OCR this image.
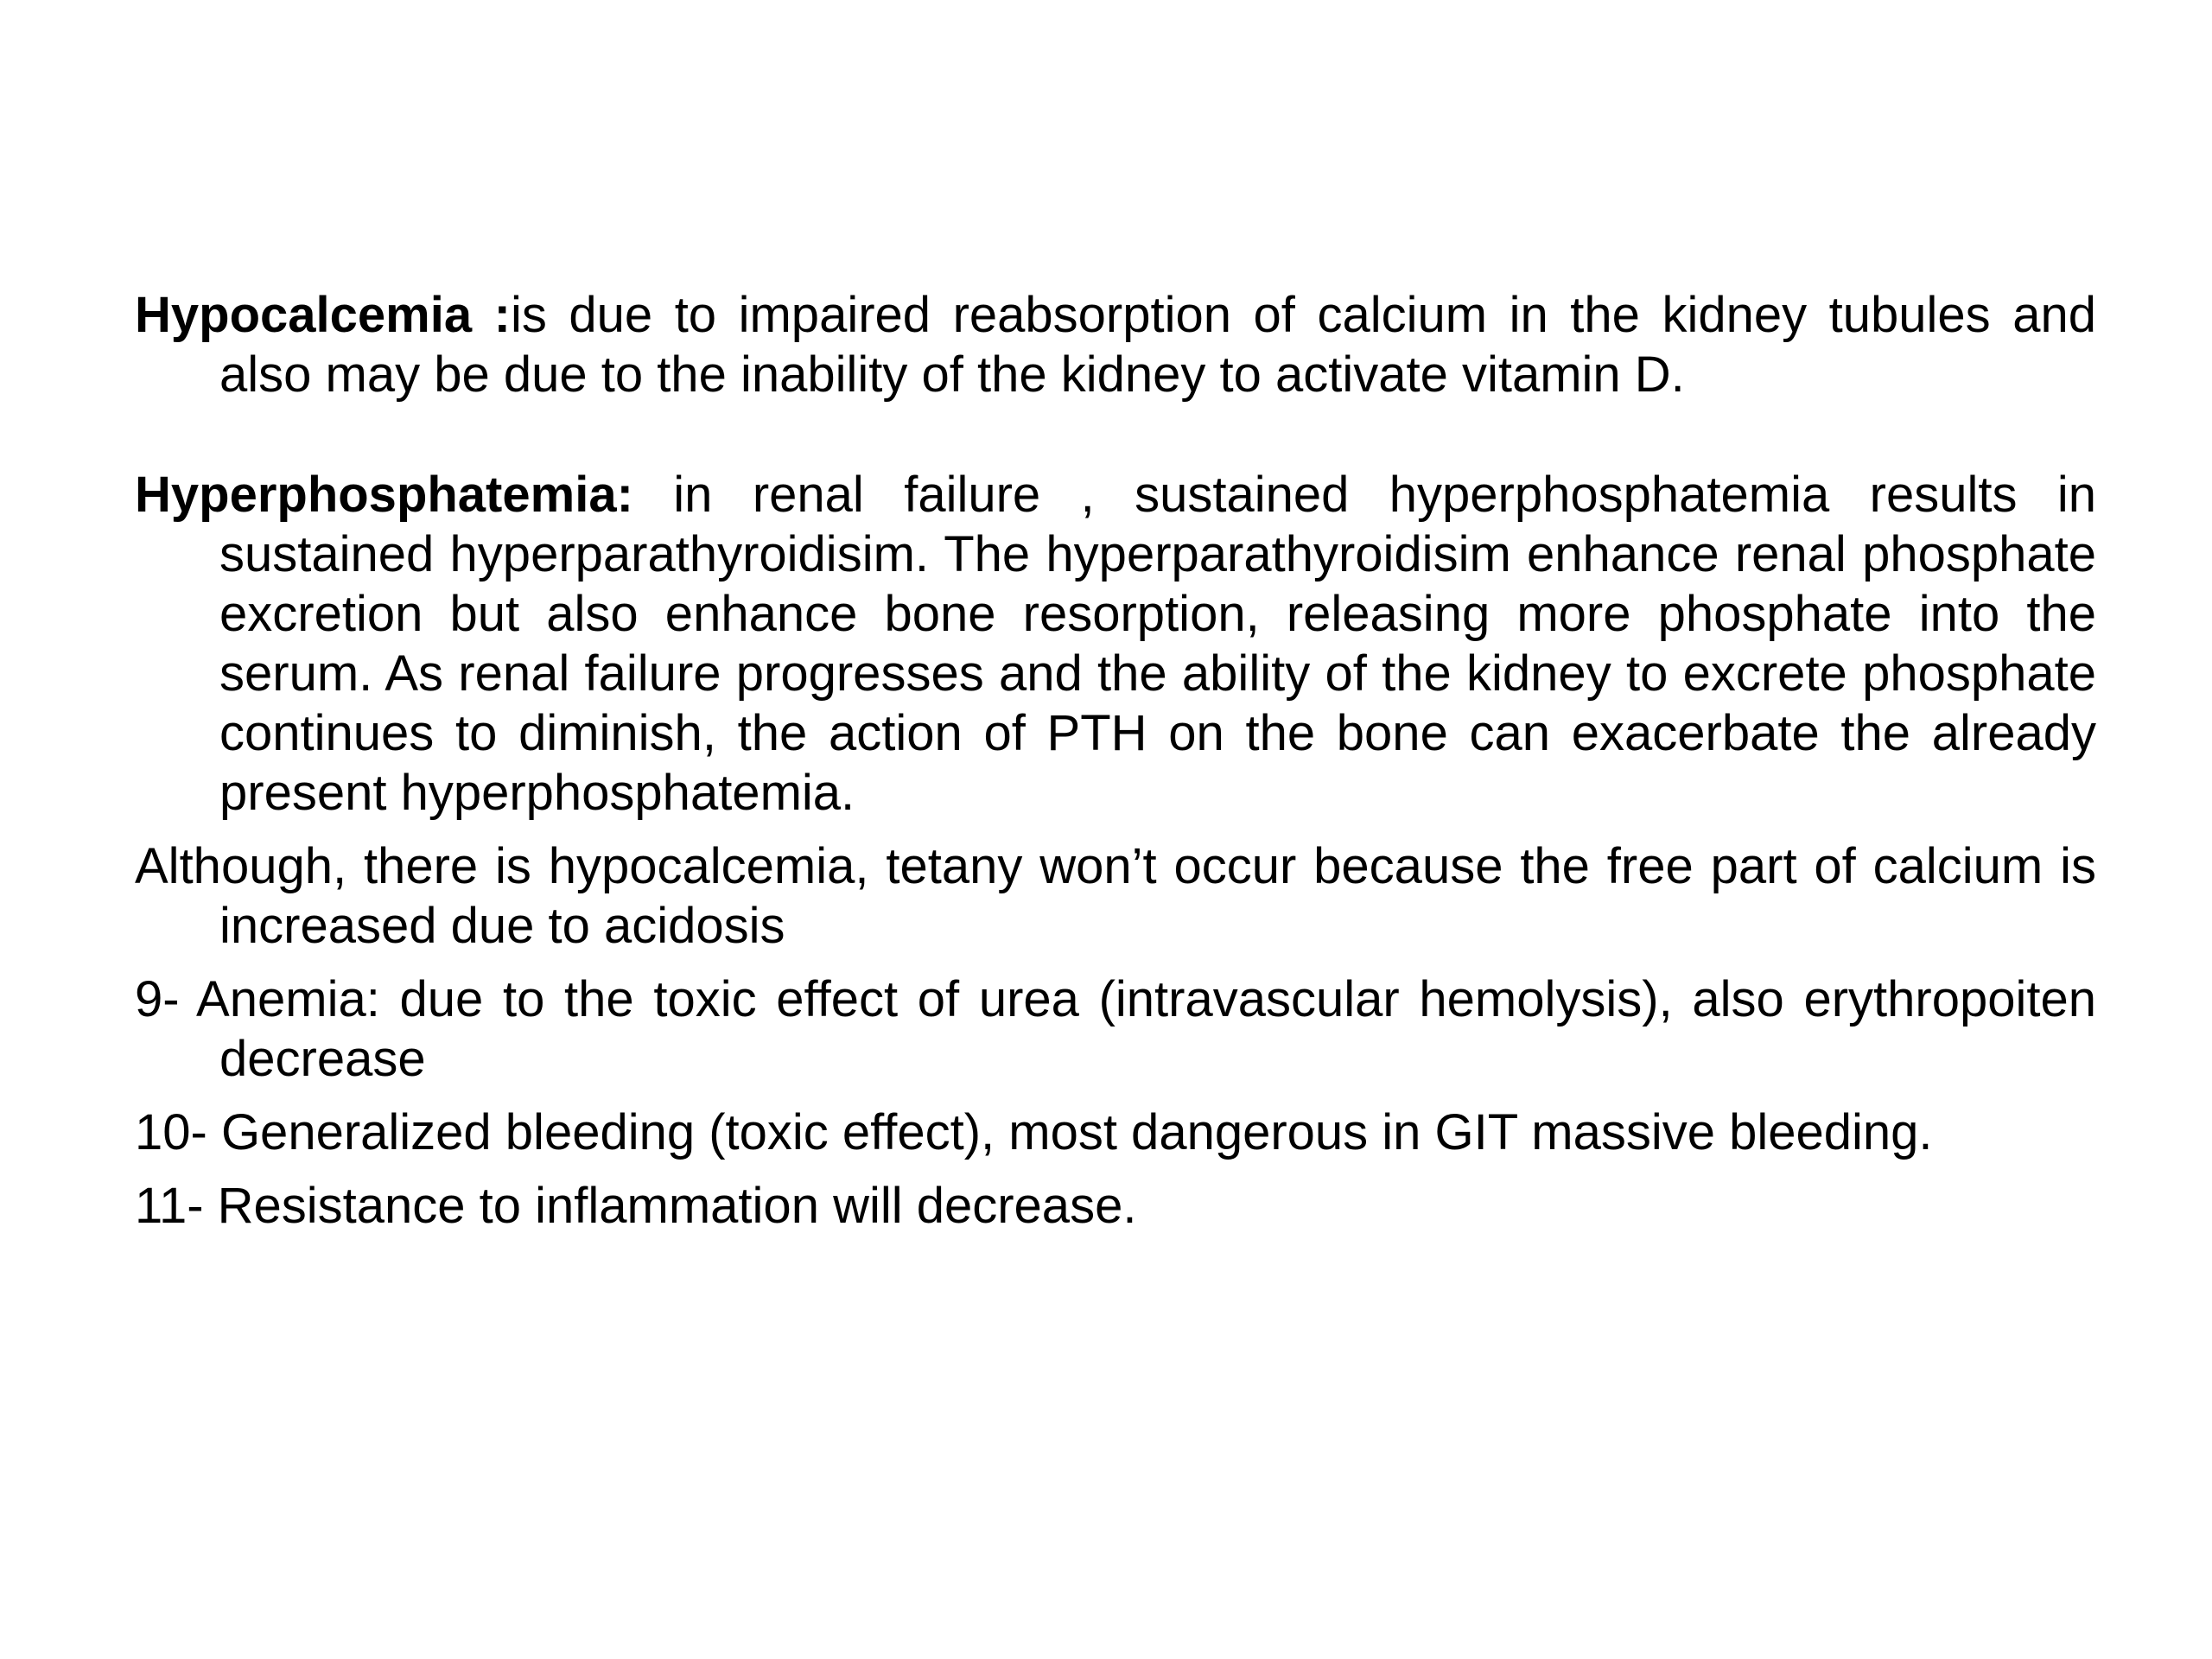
Hypocalcemia :is due to impaired reabsorption of calcium in the kidney tubules and also may be due to the inability of the kidney to activate vitamin D.

Hyperphosphatemia: in renal failure , sustained hyperphosphatemia results in sustained hyperparathyroidisim. The hyperparathyroidisim enhance renal phosphate excretion but also enhance bone resorption, releasing more phosphate into the serum. As renal failure progresses and the ability of the kidney to excrete phosphate continues to diminish, the action of PTH on the bone can exacerbate the already present hyperphosphatemia.

Although, there is hypocalcemia, tetany won’t occur because the free part of calcium is increased due to acidosis

9- Anemia: due to the toxic effect of urea (intravascular hemolysis), also erythropoiten decrease

10- Generalized bleeding (toxic effect), most dangerous in GIT massive bleeding.

11- Resistance to inflammation will decrease.
